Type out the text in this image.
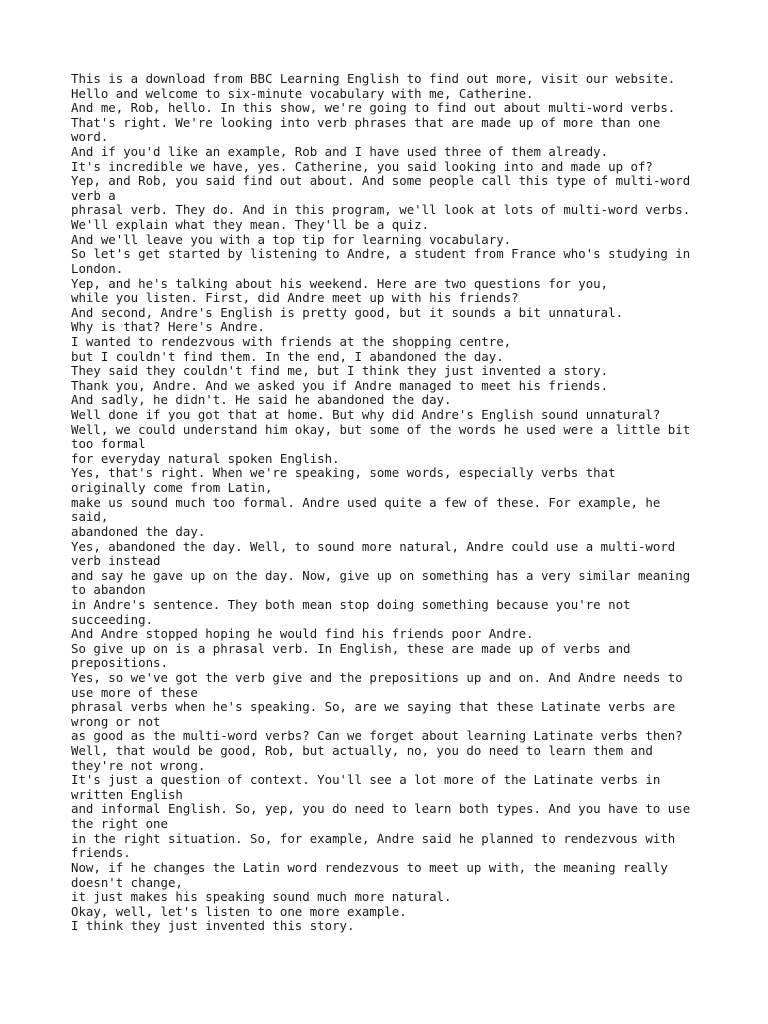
This is a download from BBC Learning English to find out more, visit our website.
Hello and welcome to six-minute vocabulary with me, Catherine.
And me, Rob, hello. In this show, we're going to find out about multi-word verbs.
That's right. We're looking into verb phrases that are made up of more than one
word.
And if you'd like an example, Rob and I have used three of them already.
It's incredible we have, yes. Catherine, you said looking into and made up of?
Yep, and Rob, you said find out about. And some people call this type of multi-word
verb a
phrasal verb. They do. And in this program, we'll look at lots of multi-word verbs.
We'll explain what they mean. They'll be a quiz.
And we'll leave you with a top tip for learning vocabulary.
So let's get started by listening to Andre, a student from France who's studying in
London.
Yep, and he's talking about his weekend. Here are two questions for you,
while you listen. First, did Andre meet up with his friends?
And second, Andre's English is pretty good, but it sounds a bit unnatural.
Why is that? Here's Andre.
I wanted to rendezvous with friends at the shopping centre,
but I couldn't find them. In the end, I abandoned the day.
They said they couldn't find me, but I think they just invented a story.
Thank you, Andre. And we asked you if Andre managed to meet his friends.
And sadly, he didn't. He said he abandoned the day.
Well done if you got that at home. But why did Andre's English sound unnatural?
Well, we could understand him okay, but some of the words he used were a little bit
too formal
for everyday natural spoken English.
Yes, that's right. When we're speaking, some words, especially verbs that
originally come from Latin,
make us sound much too formal. Andre used quite a few of these. For example, he
said,
abandoned the day.
Yes, abandoned the day. Well, to sound more natural, Andre could use a multi-word
verb instead
and say he gave up on the day. Now, give up on something has a very similar meaning
to abandon
in Andre's sentence. They both mean stop doing something because you're not
succeeding.
And Andre stopped hoping he would find his friends poor Andre.
So give up on is a phrasal verb. In English, these are made up of verbs and
prepositions.
Yes, so we've got the verb give and the prepositions up and on. And Andre needs to
use more of these
phrasal verbs when he's speaking. So, are we saying that these Latinate verbs are
wrong or not
as good as the multi-word verbs? Can we forget about learning Latinate verbs then?
Well, that would be good, Rob, but actually, no, you do need to learn them and
they're not wrong.
It's just a question of context. You'll see a lot more of the Latinate verbs in
written English
and informal English. So, yep, you do need to learn both types. And you have to use
the right one
in the right situation. So, for example, Andre said he planned to rendezvous with
friends.
Now, if he changes the Latin word rendezvous to meet up with, the meaning really
doesn't change,
it just makes his speaking sound much more natural.
Okay, well, let's listen to one more example.
I think they just invented this story.
